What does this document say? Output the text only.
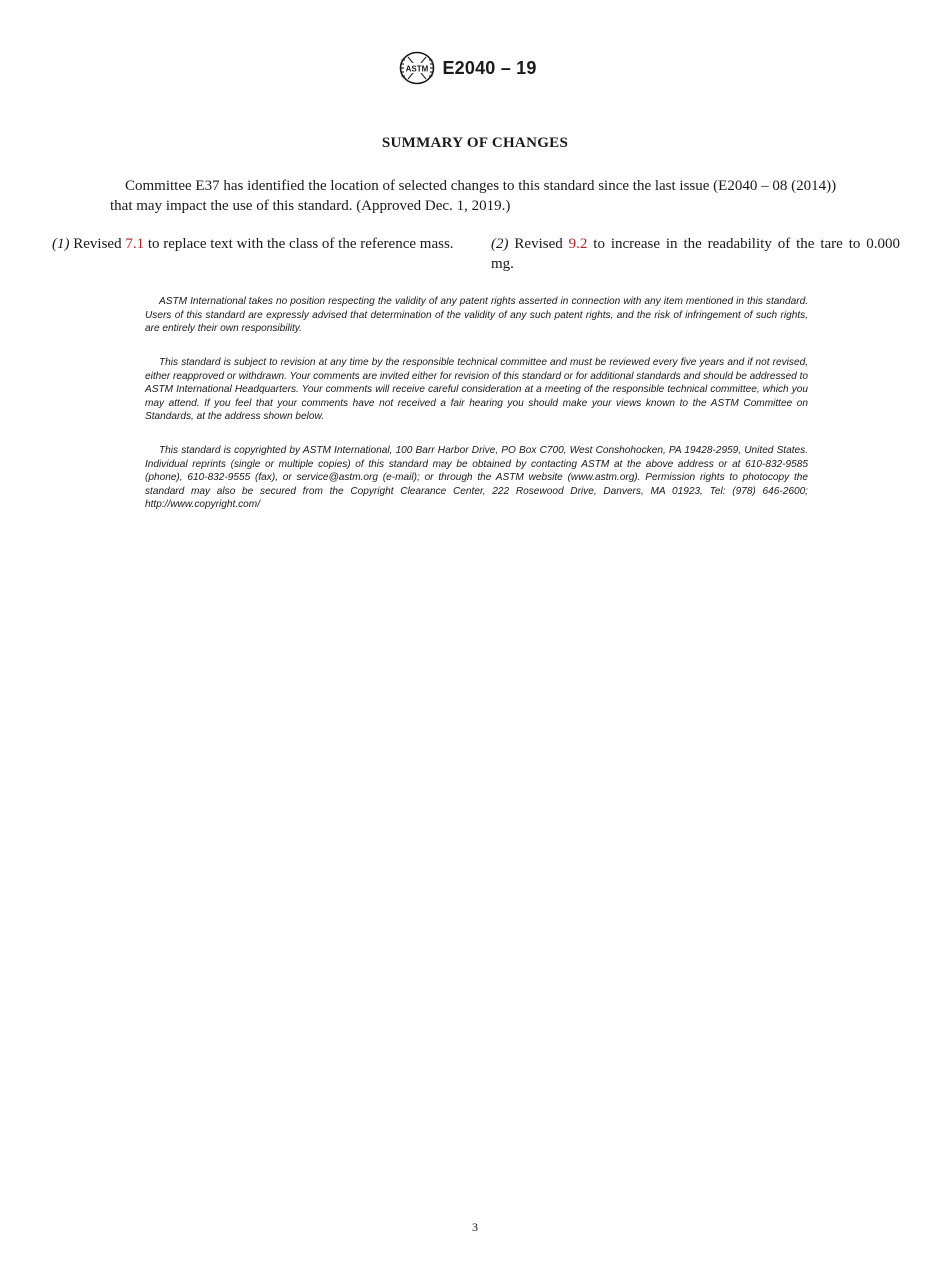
ASTM E2040 – 19
SUMMARY OF CHANGES

Committee E37 has identified the location of selected changes to this standard since the last issue (E2040 – 08 (2014)) that may impact the use of this standard. (Approved Dec. 1, 2019.)

(1) Revised 7.1 to replace text with the class of the reference mass.	(2) Revised 9.2 to increase in the readability of the tare to 0.000 mg.

ASTM International takes no position respecting the validity of any patent rights asserted in connection with any item mentioned in this standard. Users of this standard are expressly advised that determination of the validity of any such patent rights, and the risk of infringement of such rights, are entirely their own responsibility.

This standard is subject to revision at any time by the responsible technical committee and must be reviewed every five years and if not revised, either reapproved or withdrawn. Your comments are invited either for revision of this standard or for additional standards and should be addressed to ASTM International Headquarters. Your comments will receive careful consideration at a meeting of the responsible technical committee, which you may attend. If you feel that your comments have not received a fair hearing you should make your views known to the ASTM Committee on Standards, at the address shown below.

This standard is copyrighted by ASTM International, 100 Barr Harbor Drive, PO Box C700, West Conshohocken, PA 19428-2959, United States. Individual reprints (single or multiple copies) of this standard may be obtained by contacting ASTM at the above address or at 610-832-9585 (phone), 610-832-9555 (fax), or service@astm.org (e-mail); or through the ASTM website (www.astm.org). Permission rights to photocopy the standard may also be secured from the Copyright Clearance Center, 222 Rosewood Drive, Danvers, MA 01923, Tel: (978) 646-2600; http://www.copyright.com/

3
